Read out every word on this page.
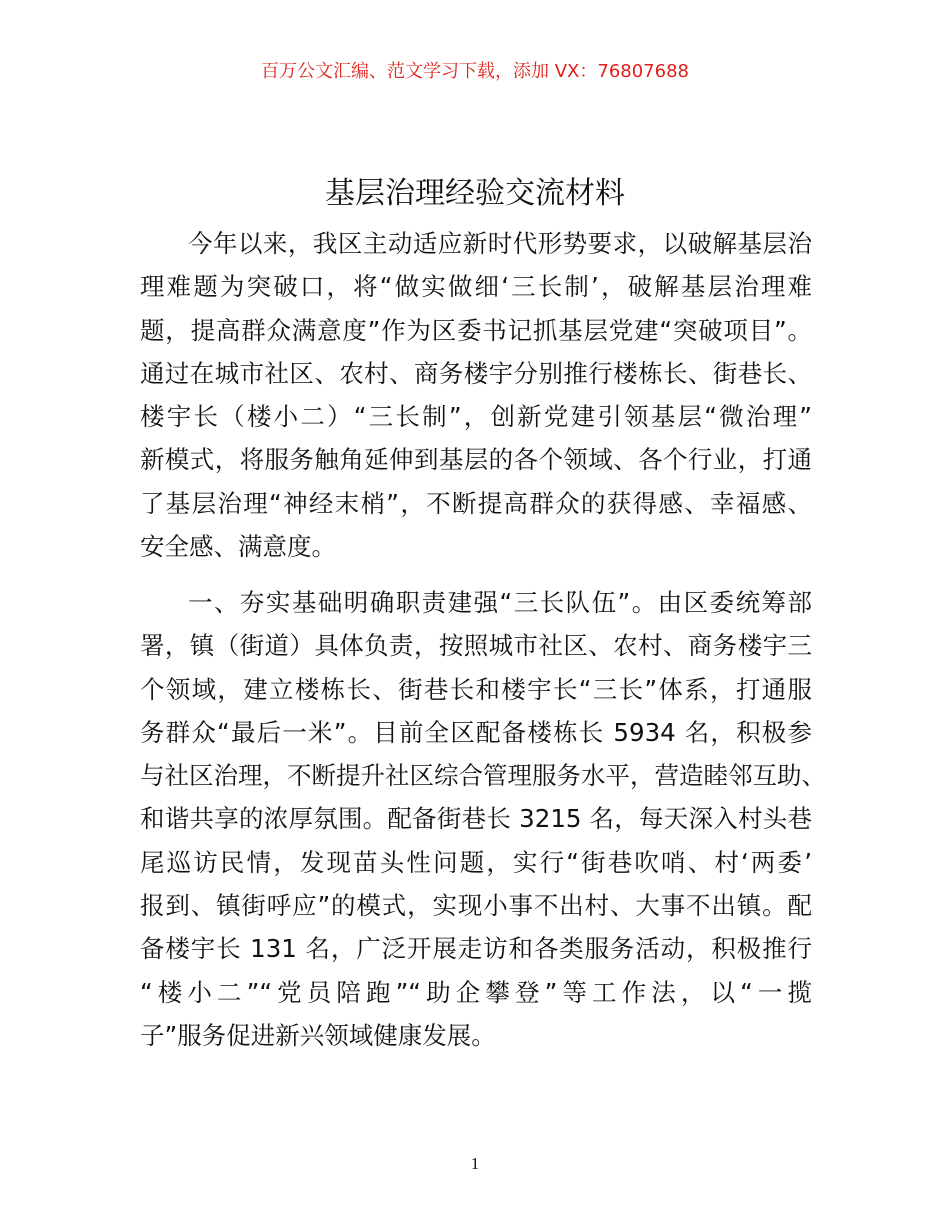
百万公文汇编、范文学习下载，添加 VX：76807688
基层治理经验交流材料
今年以来，我区主动适应新时代形势要求，以破解基层治
理难题为突破口，将“做实做细‘三长制’，破解基层治理难
题，提高群众满意度”作为区委书记抓基层党建“突破项目”。
通过在城市社区、农村、商务楼宇分别推行楼栋长、街巷长、
楼宇长（楼小二）“三长制”，创新党建引领基层“微治理”
新模式，将服务触角延伸到基层的各个领域、各个行业，打通
了基层治理“神经末梢”，不断提高群众的获得感、幸福感、
安全感、满意度。
一、夯实基础明确职责建强“三长队伍”。由区委统筹部
署，镇（街道）具体负责，按照城市社区、农村、商务楼宇三
个领域，建立楼栋长、街巷长和楼宇长“三长”体系，打通服
务群众“最后一米”。目前全区配备楼栋长 5934 名，积极参
与社区治理，不断提升社区综合管理服务水平，营造睦邻互助、
和谐共享的浓厚氛围。配备街巷长 3215 名，每天深入村头巷
尾巡访民情，发现苗头性问题，实行“街巷吹哨、村‘两委’
报到、镇街呼应”的模式，实现小事不出村、大事不出镇。配
备楼宇长 131 名，广泛开展走访和各类服务活动，积极推行
“楼小二”“党员陪跑”“助企攀登”等工作法，以“一揽
子”服务促进新兴领域健康发展。
1
